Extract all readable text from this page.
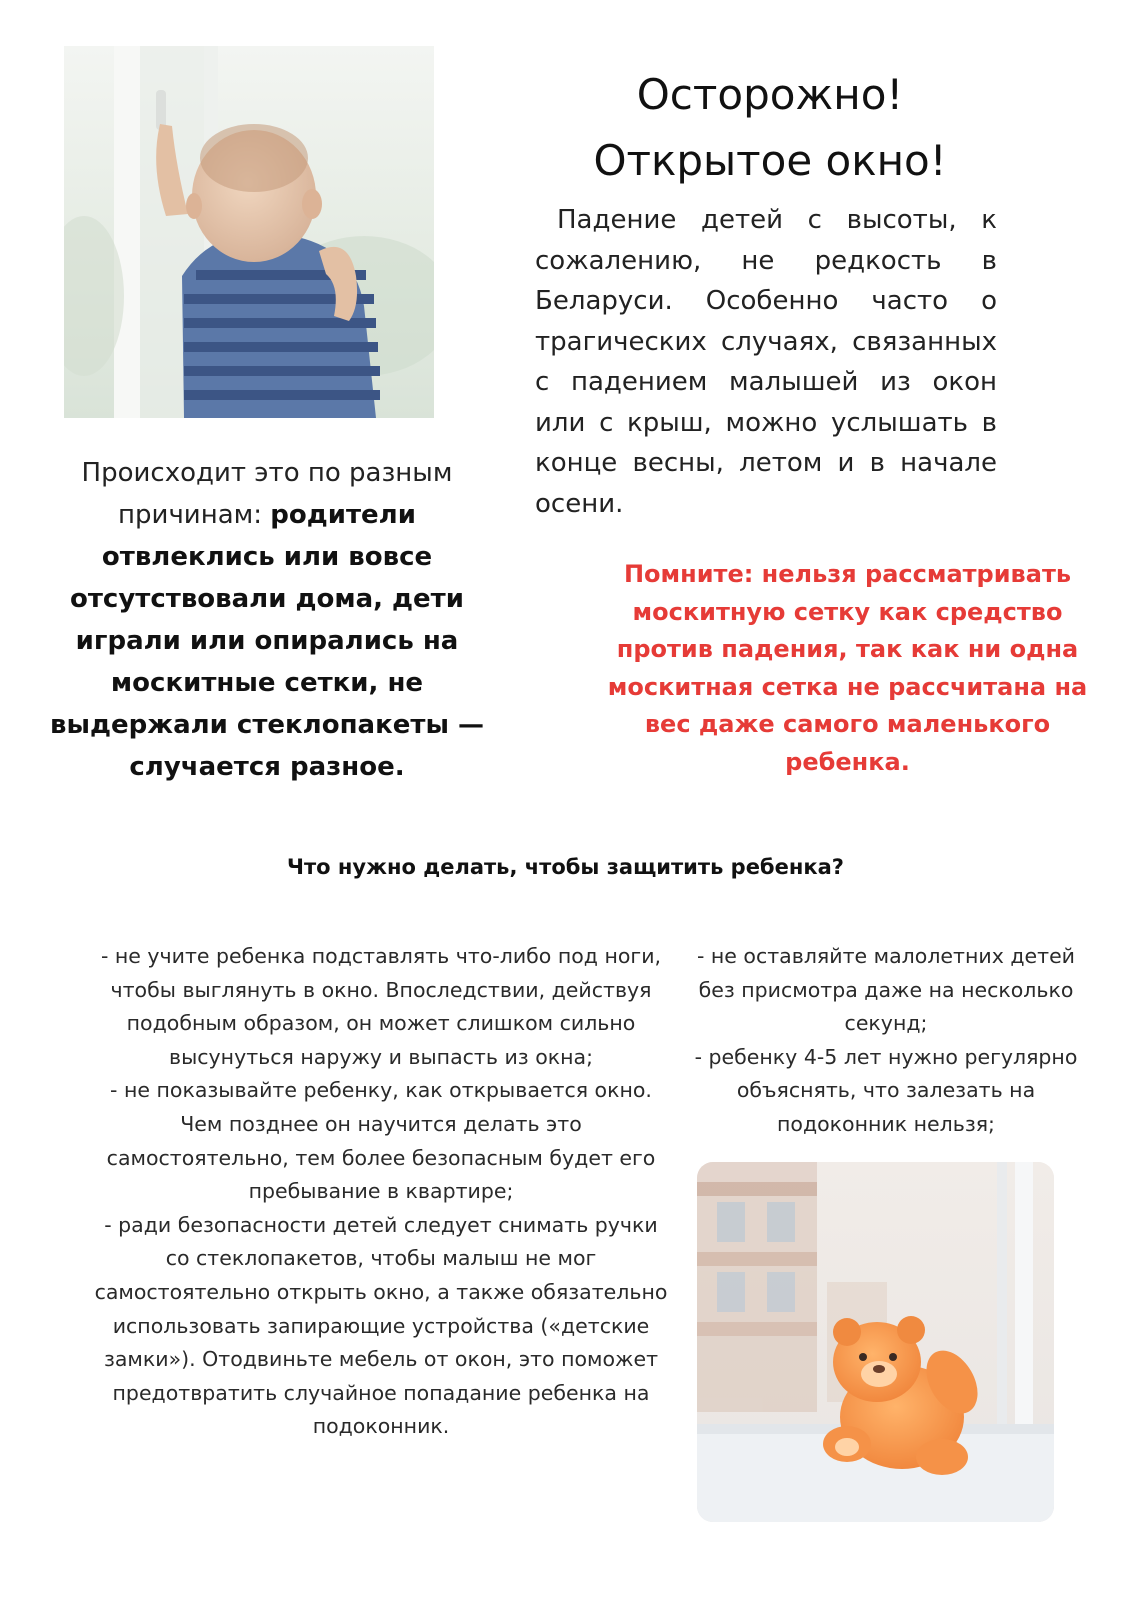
Осторожно!
Открытое окно!
Падение детей с высоты, к сожалению, не редкость в Беларуси. Особенно часто о трагических случаях, связанных с падением малышей из окон или с крыш, можно услышать в конце весны, летом и в начале осени.
Происходит это по разным причинам: родители отвлеклись или вовсе отсутствовали дома, дети играли или опирались на москитные сетки, не выдержали стеклопакеты — случается разное.
Помните: нельзя рассматривать москитную сетку как средство против падения, так как ни одна москитная сетка не рассчитана на вес даже самого маленького ребенка.
Что нужно делать, чтобы защитить ребенка?
- не учите ребенка подставлять что-либо под ноги, чтобы выглянуть в окно. Впоследствии, действуя подобным образом, он может слишком сильно высунуться наружу и выпасть из окна;
- не показывайте ребенку, как открывается окно. Чем позднее он научится делать это самостоятельно, тем более безопасным будет его пребывание в квартире;
- ради безопасности детей следует снимать ручки со стеклопакетов, чтобы малыш не мог самостоятельно открыть окно, а также обязательно использовать запирающие устройства («детские замки»). Отодвиньте мебель от окон, это поможет предотвратить случайное попадание ребенка на подоконник.
- не оставляйте малолетних детей без присмотра даже на несколько секунд;
- ребенку 4-5 лет нужно регулярно объяснять, что залезать на подоконник нельзя;
